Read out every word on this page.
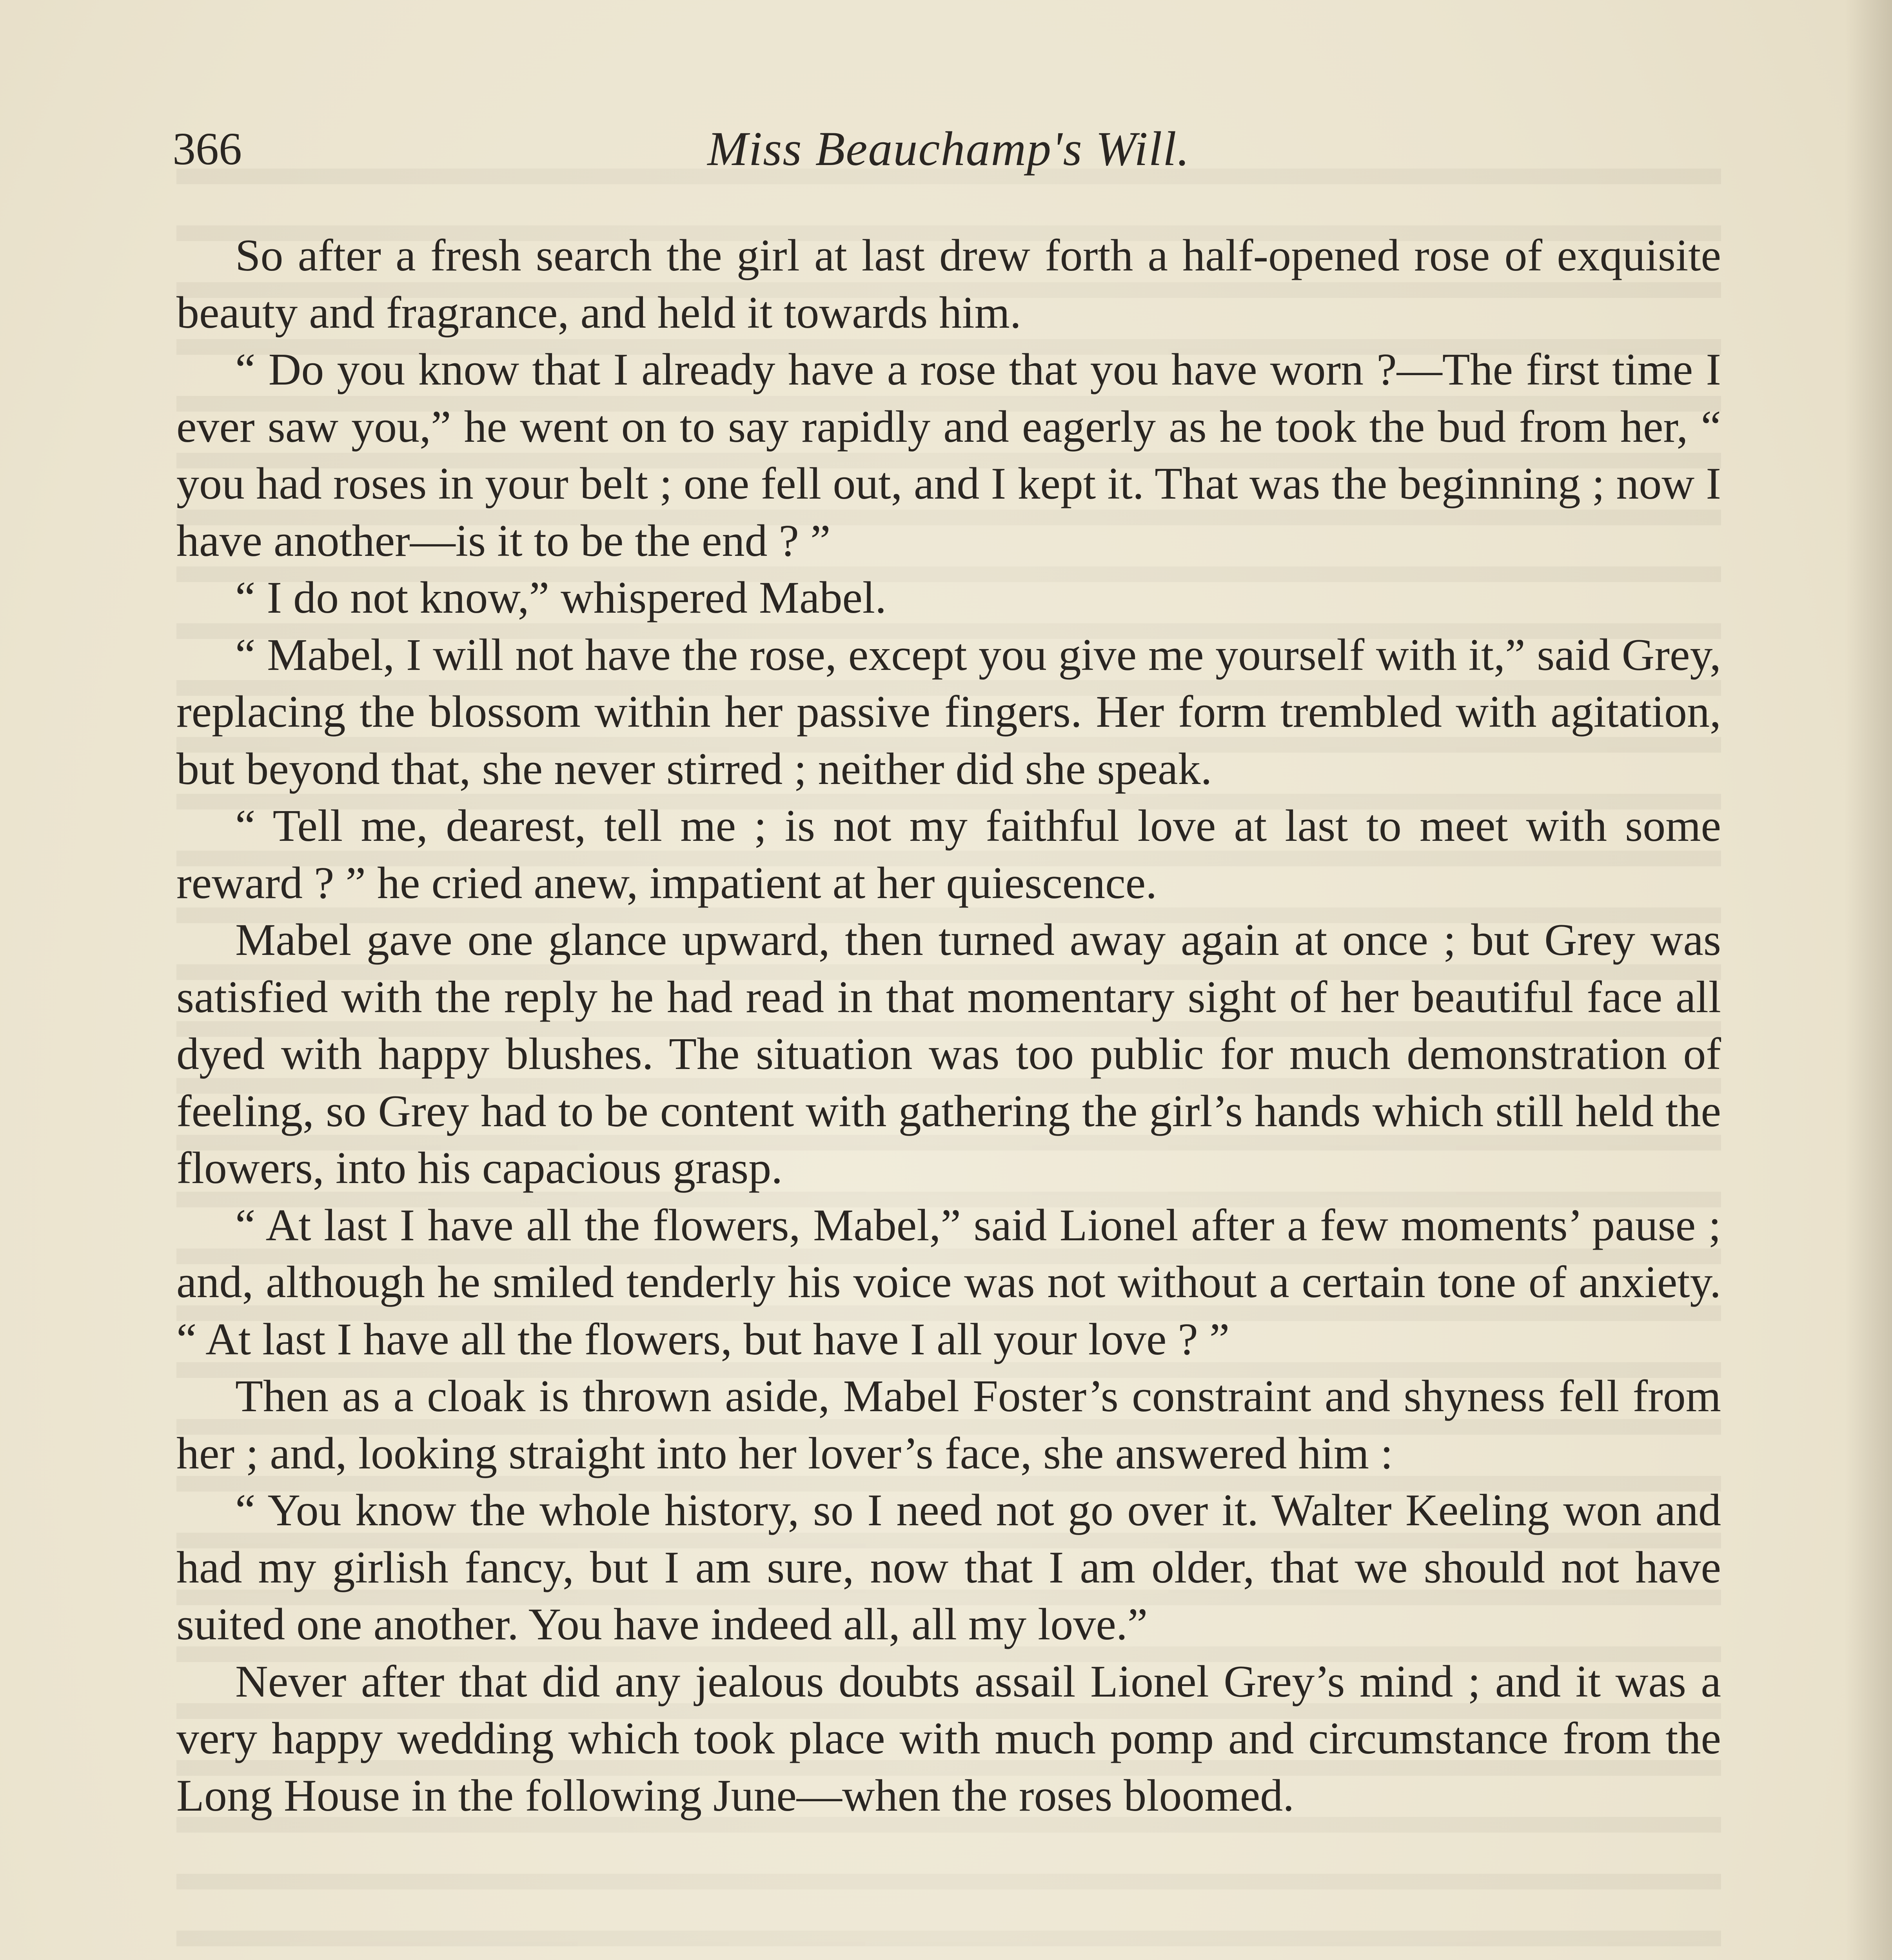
366	Miss Beauchamp's Will.

So after a fresh search the girl at last drew forth a half-opened rose of exquisite beauty and fragrance, and held it towards him.

“ Do you know that I already have a rose that you have worn ?—The first time I ever saw you,” he went on to say rapidly and eagerly as he took the bud from her, “ you had roses in your belt ; one fell out, and I kept it. That was the beginning ; now I have another—is it to be the end ? ”

“ I do not know,” whispered Mabel.

“ Mabel, I will not have the rose, except you give me yourself with it,” said Grey, replacing the blossom within her passive fingers. Her form trembled with agitation, but beyond that, she never stirred ; neither did she speak.

“ Tell me, dearest, tell me ; is not my faithful love at last to meet with some reward ? ” he cried anew, impatient at her quiescence.

Mabel gave one glance upward, then turned away again at once ; but Grey was satisfied with the reply he had read in that momentary sight of her beautiful face all dyed with happy blushes. The situation was too public for much demonstration of feeling, so Grey had to be content with gathering the girl’s hands which still held the flowers, into his capacious grasp.

“ At last I have all the flowers, Mabel,” said Lionel after a few moments’ pause ; and, although he smiled tenderly his voice was not without a certain tone of anxiety. “ At last I have all the flowers, but have I all your love ? ”

Then as a cloak is thrown aside, Mabel Foster’s constraint and shyness fell from her ; and, looking straight into her lover’s face, she answered him :

“ You know the whole history, so I need not go over it. Walter Keeling won and had my girlish fancy, but I am sure, now that I am older, that we should not have suited one another. You have indeed all, all my love.”

Never after that did any jealous doubts assail Lionel Grey’s mind ; and it was a very happy wedding which took place with much pomp and circumstance from the Long House in the following June—when the roses bloomed.
